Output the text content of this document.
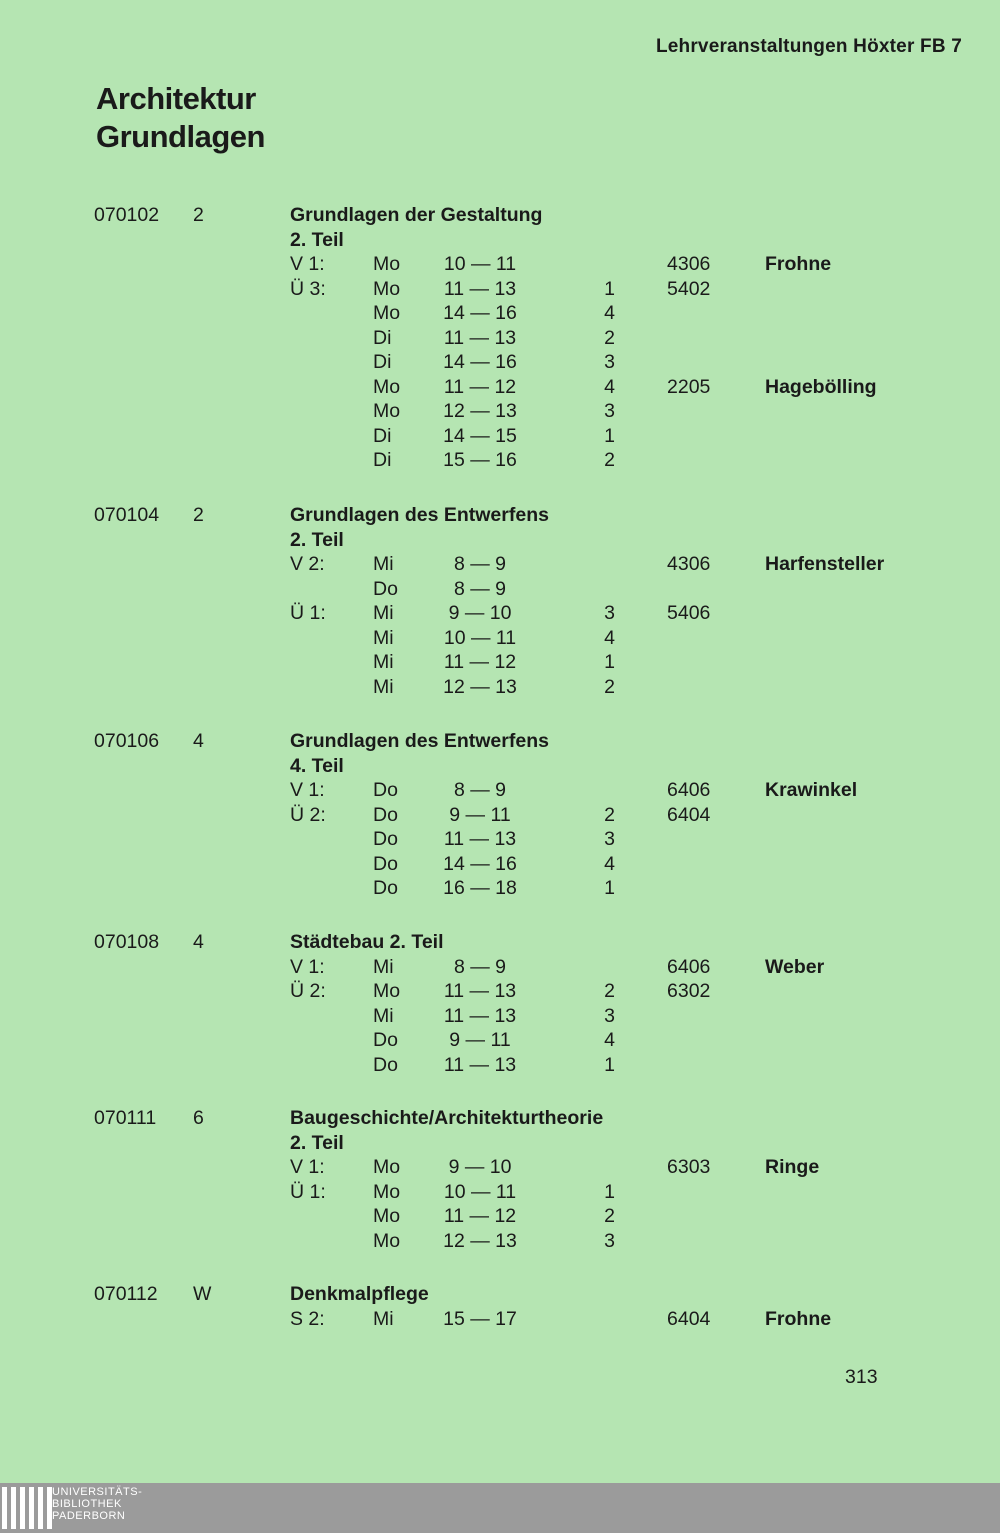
Lehrveranstaltungen Höxter FB 7
Architektur
Grundlagen
070102 2	Grundlagen der Gestaltung
2. Teil
V 1: Mo	10 — 11	4306	Frohne
Ü 3: Mo	11 — 13	1	5402
Mo	14 — 16	4
Di	11 — 13	2
Di	14 — 16	3
Mo	11 — 12	4	2205	Hagebölling
Mo	12 — 13	3
Di	14 — 15	1
Di	15 — 16	2
070104 2	Grundlagen des Entwerfens
2. Teil
V 2: Mi	8 — 9	4306	Harfensteller
Do	8 — 9
Ü 1: Mi	9 — 10	3	5406
Mi	10 — 11	4
Mi	11 — 12	1
Mi	12 — 13	2
070106 4	Grundlagen des Entwerfens
4. Teil
V 1: Do	8 — 9	6406	Krawinkel
Ü 2: Do	9 — 11	2	6404
Do	11 — 13	3
Do	14 — 16	4
Do	16 — 18	1
070108 4	Städtebau 2. Teil
V 1: Mi	8 — 9	6406	Weber
Ü 2: Mo	11 — 13	2	6302
Mi	11 — 13	3
Do	9 — 11	4
Do	11 — 13	1
070111 6	Baugeschichte/Architekturtheorie
2. Teil
V 1: Mo	9 — 10	6303	Ringe
Ü 1: Mo	10 — 11	1
Mo	11 — 12	2
Mo	12 — 13	3
070112 W	Denkmalpflege
S 2: Mi	15 — 17	6404	Frohne
313
UNIVERSITÄTS-
BIBLIOTHEK
PADERBORN
